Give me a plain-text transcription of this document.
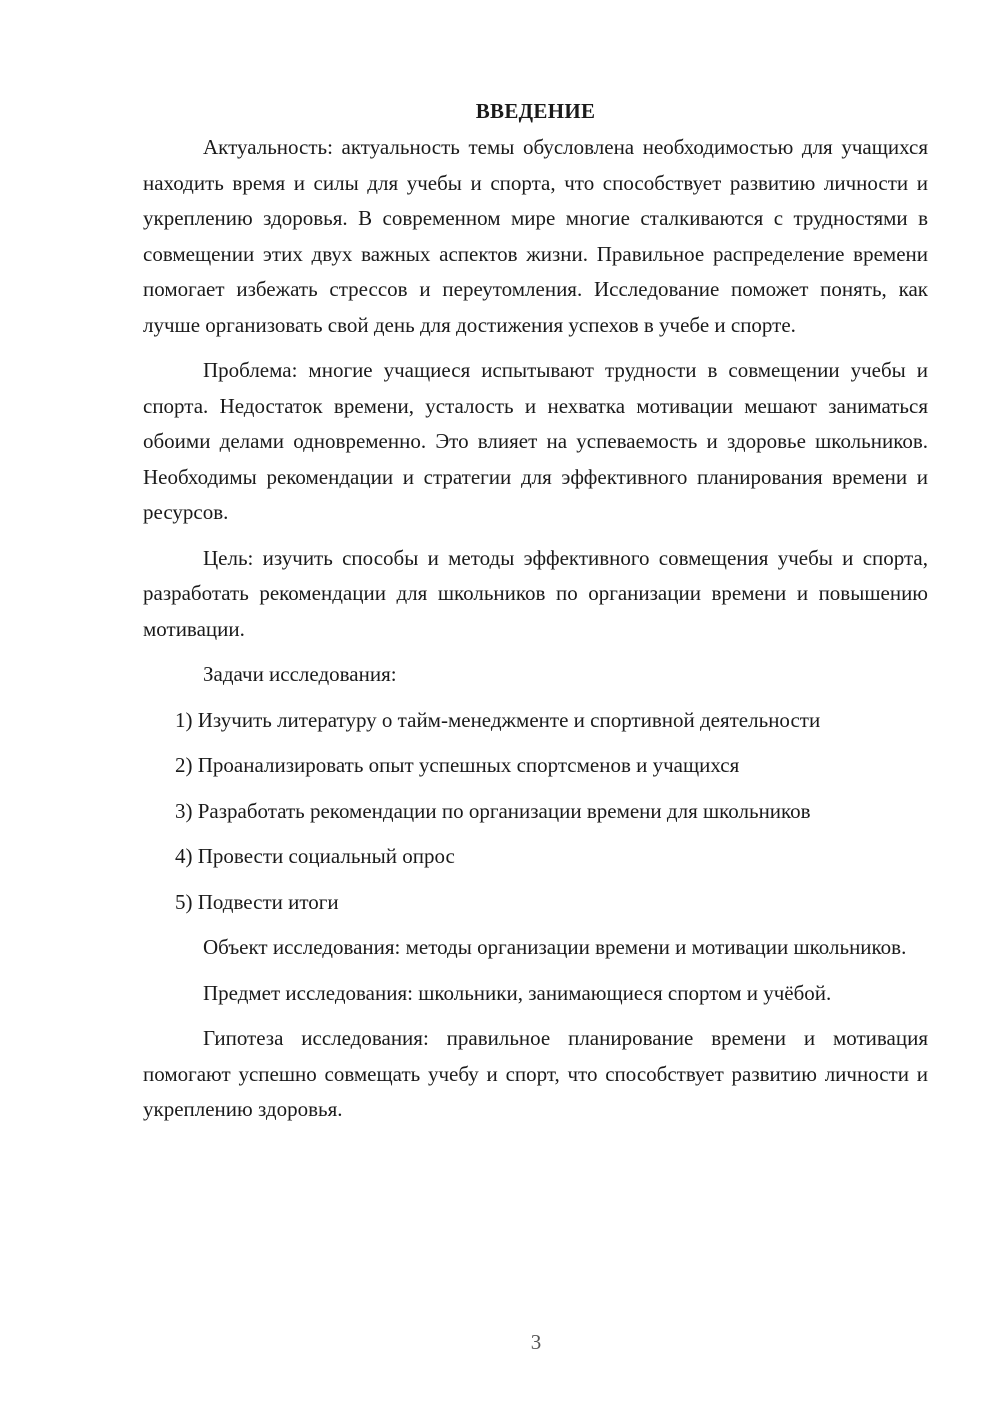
ВВЕДЕНИЕ

Актуальность: актуальность темы обусловлена необходимостью для учащихся находить время и силы для учебы и спорта, что способствует развитию личности и укреплению здоровья. В современном мире многие сталкиваются с трудностями в совмещении этих двух важных аспектов жизни. Правильное распределение времени помогает избежать стрессов и переутомления. Исследование поможет понять, как лучше организовать свой день для достижения успехов в учебе и спорте.

Проблема: многие учащиеся испытывают трудности в совмещении учебы и спорта. Недостаток времени, усталость и нехватка мотивации мешают заниматься обоими делами одновременно. Это влияет на успеваемость и здоровье школьников. Необходимы рекомендации и стратегии для эффективного планирования времени и ресурсов.

Цель: изучить способы и методы эффективного совмещения учебы и спорта, разработать рекомендации для школьников по организации времени и повышению мотивации.

Задачи исследования:

1) Изучить литературу о тайм-менеджменте и спортивной деятельности

2) Проанализировать опыт успешных спортсменов и учащихся

3) Разработать рекомендации по организации времени для школьников

4) Провести социальный опрос

5) Подвести итоги

Объект исследования: методы организации времени и мотивации школьников.

Предмет исследования: школьники, занимающиеся спортом и учёбой.

Гипотеза исследования: правильное планирование времени и мотивация помогают успешно совмещать учебу и спорт, что способствует развитию личности и укреплению здоровья.

3
